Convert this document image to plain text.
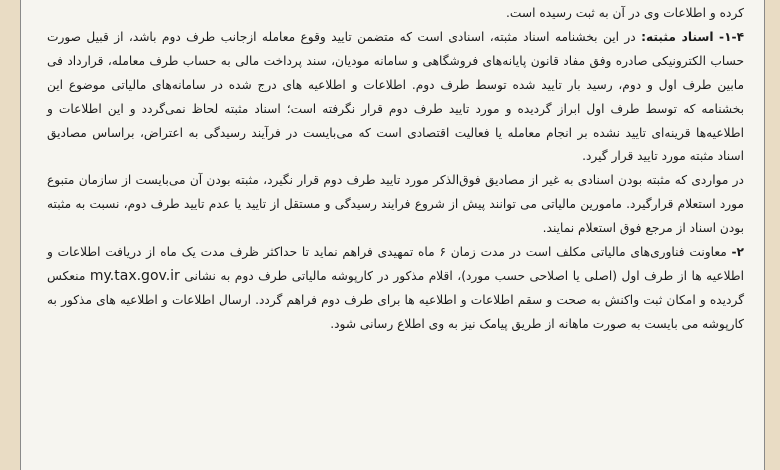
کرده و اطلاعات وی در آن به ثبت رسیده است.

۱-۴- اسناد مثبته: در این بخشنامه اسناد مثبته، اسنادی است که متضمن تایید وقوع معامله ازجانب طرف دوم باشد، از قبیل صورت حساب الکترونیکی صادره وفق مفاد قانون پایانه‌های فروشگاهی و سامانه مودیان، سند پرداخت مالی به حساب طرف معامله، قرارداد فی مابین طرف اول و دوم، رسید بار تایید شده توسط طرف دوم. اطلاعات و اطلاعیه های درج شده در سامانه‌های مالیاتی موضوع این بخشنامه که توسط طرف اول ابراز گردیده و مورد تایید طرف دوم قرار نگرفته است؛ اسناد مثبته لحاظ نمی‌گردد و این اطلاعات و اطلاعیه‌ها قرینه‌ای تایید نشده بر انجام معامله یا فعالیت اقتصادی است که می‌بایست در فرآیند رسیدگی به اعتراض، براساس مصادیق اسناد مثبته مورد تایید قرار گیرد.

در مواردی که مثبته بودن اسنادی به غیر از مصادیق فوق‌الذکر مورد تایید طرف دوم قرار نگیرد، مثبته بودن آن می‌بایست از سازمان متبوع مورد استعلام قرارگیرد. مامورین مالیاتی می توانند پیش از شروع فرایند رسیدگی و مستقل از تایید یا عدم تایید طرف دوم، نسبت به مثبته بودن اسناد از مرجع فوق استعلام نمایند.

۲- معاونت فناوری‌های مالیاتی مکلف است در مدت زمان ۶ ماه تمهیدی فراهم نماید تا حداکثر ظرف مدت یک ماه از دریافت اطلاعات و اطلاعیه ها از طرف اول (اصلی یا اصلاحی حسب مورد)، اقلام مذکور در کارپوشه مالیاتی طرف دوم به نشانی my.tax.gov.ir منعکس گردیده و امکان ثبت واکنش به صحت و سقم اطلاعات و اطلاعیه ها برای طرف دوم فراهم گردد. ارسال اطلاعات و اطلاعیه های مذکور به کارپوشه می بایست به صورت ماهانه از طریق پیامک نیز به وی اطلاع رسانی شود.
